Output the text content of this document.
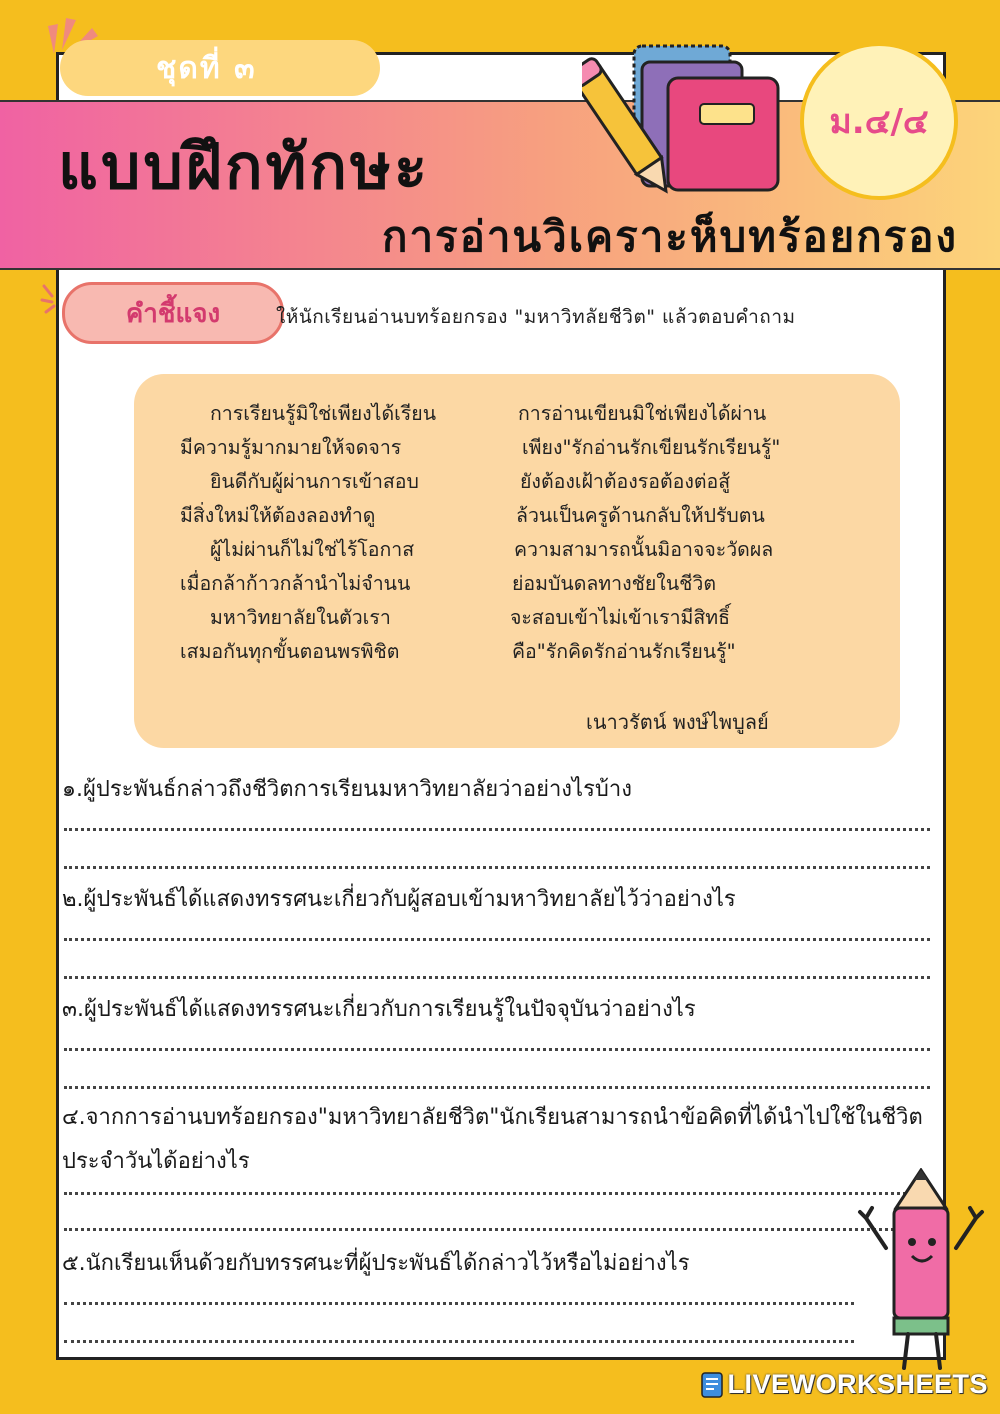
ชุดที่ ๓
แบบฝึกทักษะ
การอ่านวิเคราะห็บทร้อยกรอง
ม.๔/๔
คำชี้แจง	ให้นักเรียนอ่านบทร้อยกรอง "มหาวิทลัยชีวิต" แล้วตอบคำถาม

การเรียนรู้มิใช่เพียงได้เรียน	การอ่านเขียนมิใช่เพียงได้ผ่าน
มีความรู้มากมายให้จดจาร	เพียง"รักอ่านรักเขียนรักเรียนรู้"
ยินดีกับผู้ผ่านการเข้าสอบ	ยังต้องเฝ้าต้องรอต้องต่อสู้
มีสิ่งใหม่ให้ต้องลองทำดู	ล้วนเป็นครูด้านกลับให้ปรับตน
ผู้ไม่ผ่านก็ไม่ใช่ไร้โอกาส	ความสามารถนั้นมิอาจจะวัดผล
เมื่อกล้าก้าวกล้านำไม่จำนน	ย่อมบันดลทางชัยในชีวิต
มหาวิทยาลัยในตัวเรา	จะสอบเข้าไม่เข้าเรามีสิทธิ์
เสมอกันทุกขั้นตอนพรพิชิต	คือ"รักคิดรักอ่านรักเรียนรู้"
เนาวรัตน์ พงษ์ไพบูลย์

๑.ผู้ประพันธ์กล่าวถึงชีวิตการเรียนมหาวิทยาลัยว่าอย่างไรบ้าง

๒.ผู้ประพันธ์ได้แสดงทรรศนะเกี่ยวกับผู้สอบเข้ามหาวิทยาลัยไว้ว่าอย่างไร

๓.ผู้ประพันธ์ได้แสดงทรรศนะเกี่ยวกับการเรียนรู้ในปัจจุบันว่าอย่างไร

๔.จากการอ่านบทร้อยกรอง"มหาวิทยาลัยชีวิต"นักเรียนสามารถนำข้อคิดที่ได้นำไปใช้ในชีวิตประจำวันได้อย่างไร

๕.นักเรียนเห็นด้วยกับทรรศนะที่ผู้ประพันธ์ได้กล่าวไว้หรือไม่อย่างไร

LIVEWORKSHEETS
